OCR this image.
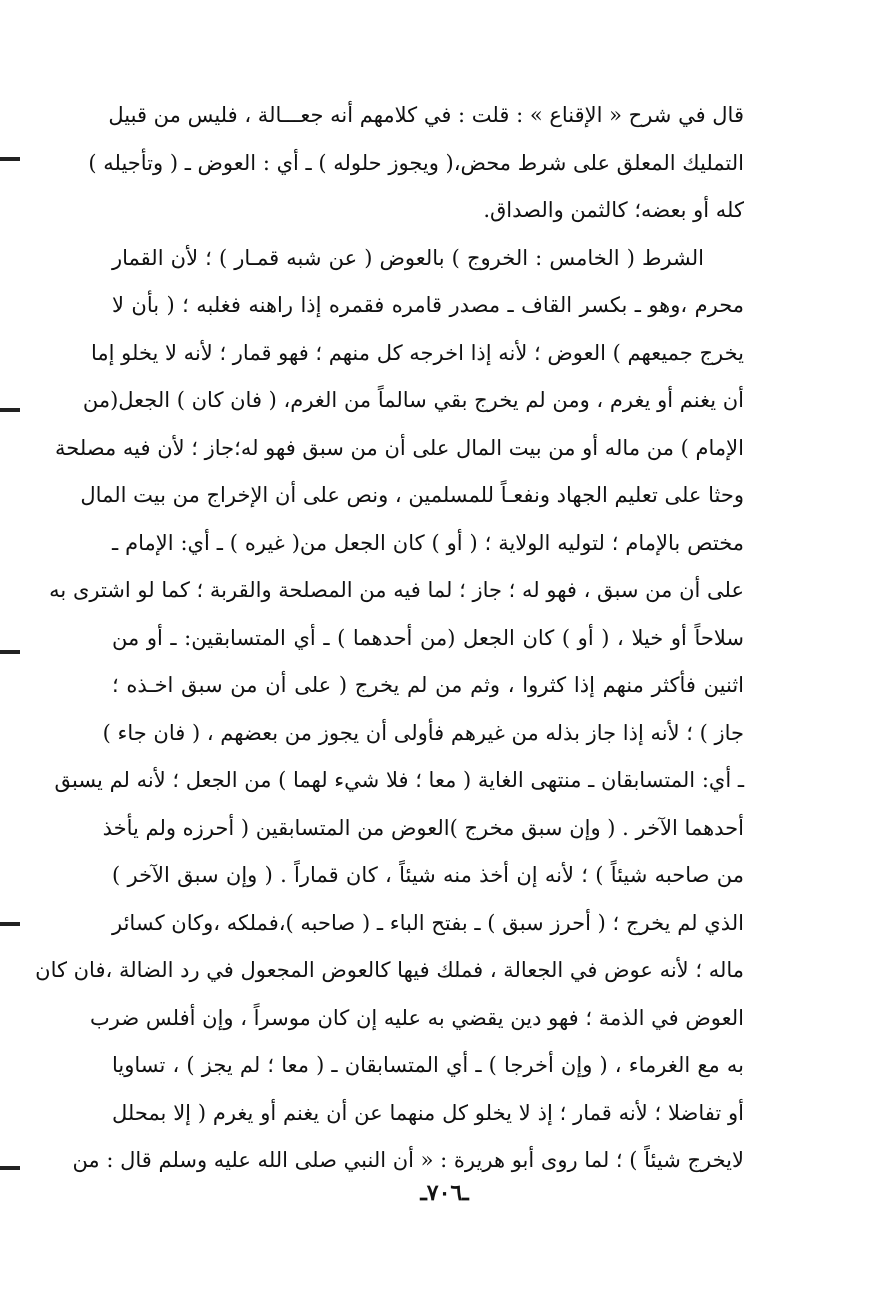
قال في شرح « الإقناع » : قلت : في كلامهم أنه جعـــالة ، فليس من قبيل
التمليك المعلق على شرط محض،( ويجوز حلوله ) ـ أي : العوض ـ ( وتأجيله )
كله أو بعضه؛ كالثمن والصداق.
الشرط ( الخامس : الخروج ) بالعوض ( عن شبه قمـار ) ؛ لأن القمار
محرم ،وهو ـ بكسر القاف ـ مصدر قامره فقمره إذا راهنه فغلبه ؛ ( بأن لا
يخرج جميعهم ) العوض ؛ لأنه إذا اخرجه كل منهم ؛ فهو قمار ؛ لأنه لا يخلو إما
أن يغنم أو يغرم ، ومن لم يخرج بقي سالماً من الغرم، ( فان كان ) الجعل(من
الإمام ) من ماله أو من بيت المال على أن من سبق فهو له؛جاز ؛ لأن فيه مصلحة
وحثا على تعليم الجهاد ونفعـاً للمسلمين ، ونص على أن الإخراج من بيت المال
مختص بالإمام ؛ لتوليه الولاية ؛ ( أو ) كان الجعل من( غيره ) ـ أي: الإمام ـ
على أن من سبق ، فهو له ؛ جاز ؛ لما فيه من المصلحة والقربة ؛ كما لو اشترى به
سلاحاً أو خيلا ، ( أو ) كان الجعل (من أحدهما ) ـ أي المتسابقين: ـ أو من
اثنين فأكثر منهم إذا كثروا ، وثم من لم يخرج ( على أن من سبق اخـذه ؛
جاز ) ؛ لأنه إذا جاز بذله من غيرهم فأولى أن يجوز من بعضهم ، ( فان جاء )
ـ أي: المتسابقان ـ منتهى الغاية ( معا ؛ فلا شيء لهما ) من الجعل ؛ لأنه لم يسبق
أحدهما الآخر . ( وإن سبق مخرج )العوض من المتسابقين ( أحرزه ولم يأخذ
من صاحبه شيئاً ) ؛ لأنه إن أخذ منه شيئاً ، كان قماراً . ( وإن سبق الآخر )
الذي لم يخرج ؛ ( أحرز سبق ) ـ بفتح الباء ـ ( صاحبه )،فملكه ،وكان كسائر
ماله ؛ لأنه عوض في الجعالة ، فملك فيها كالعوض المجعول في رد الضالة ،فان كان
العوض في الذمة ؛ فهو دين يقضي به عليه إن كان موسراً ، وإن أفلس ضرب
به مع الغرماء ، ( وإن أخرجا ) ـ أي المتسابقان ـ ( معا ؛ لم يجز ) ، تساويا
أو تفاضلا ؛ لأنه قمار ؛ إذ لا يخلو كل منهما عن أن يغنم أو يغرم ( إلا بمحلل
لايخرج شيئاً ) ؛ لما روى أبو هريرة : « أن النبي صلى الله عليه وسلم قال : من
ـ٧٠٦ـ
